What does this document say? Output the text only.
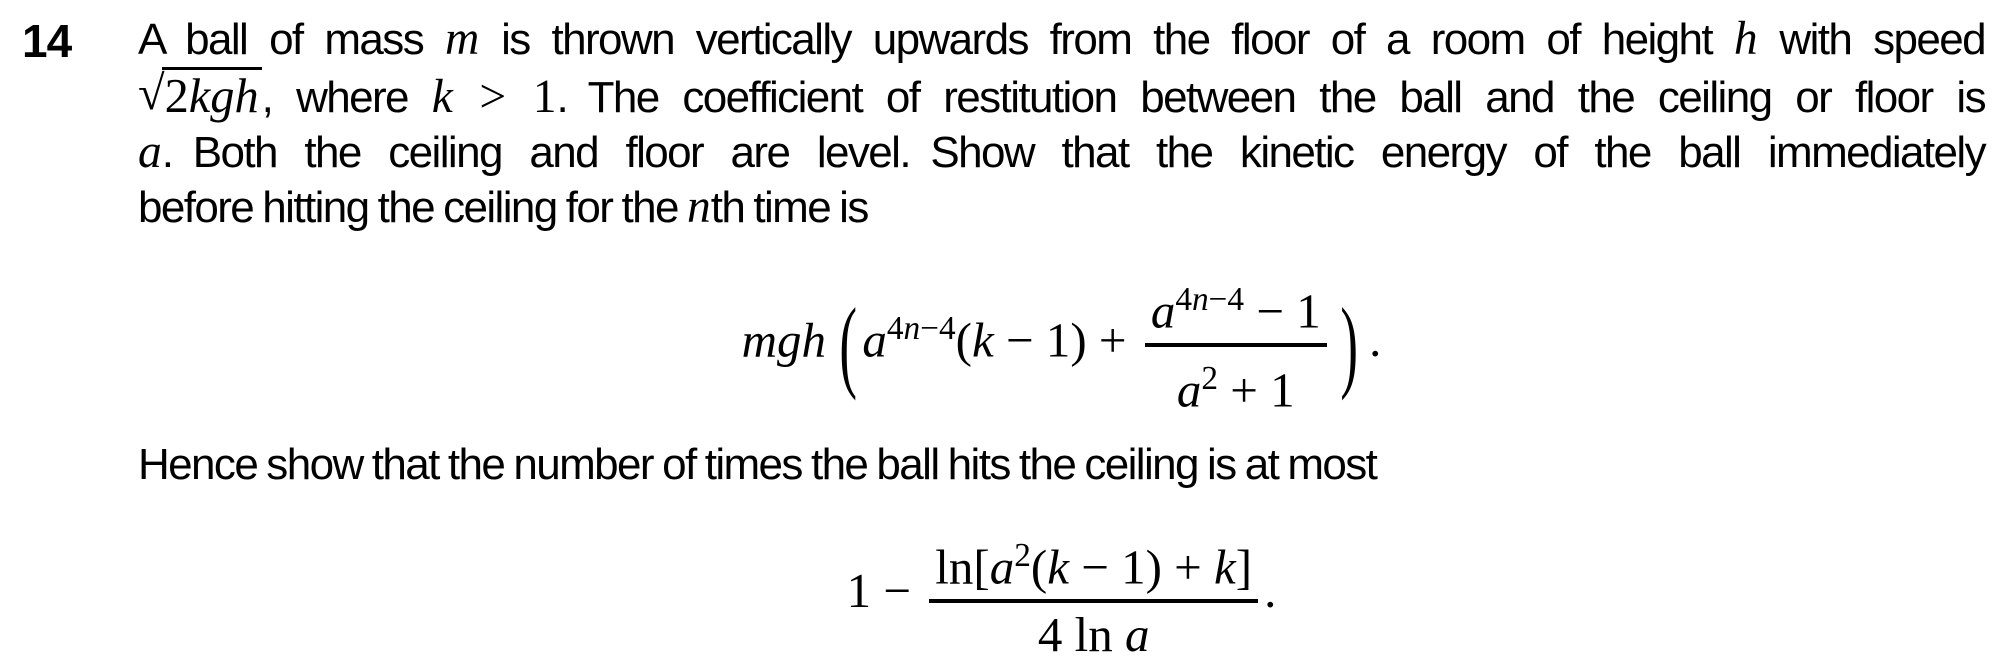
14 A ball of mass m is thrown vertically upwards from the floor of a room of height h with speed
√2kgh, where k > 1. The coefficient of restitution between the ball and the ceiling or floor is
a. Both the ceiling and floor are level. Show that the kinetic energy of the ball immediately
before hitting the ceiling for the nth time is
mgh ( $a^{4n-4}(k - 1) + \frac{a^{4n-4} - 1}{a^2 + 1}$ ) .
Hence show that the number of times the ball hits the ceiling is at most
$1 - \frac{\ln[a^2(k - 1) + k]}{\text{4 ln a}}$ .
